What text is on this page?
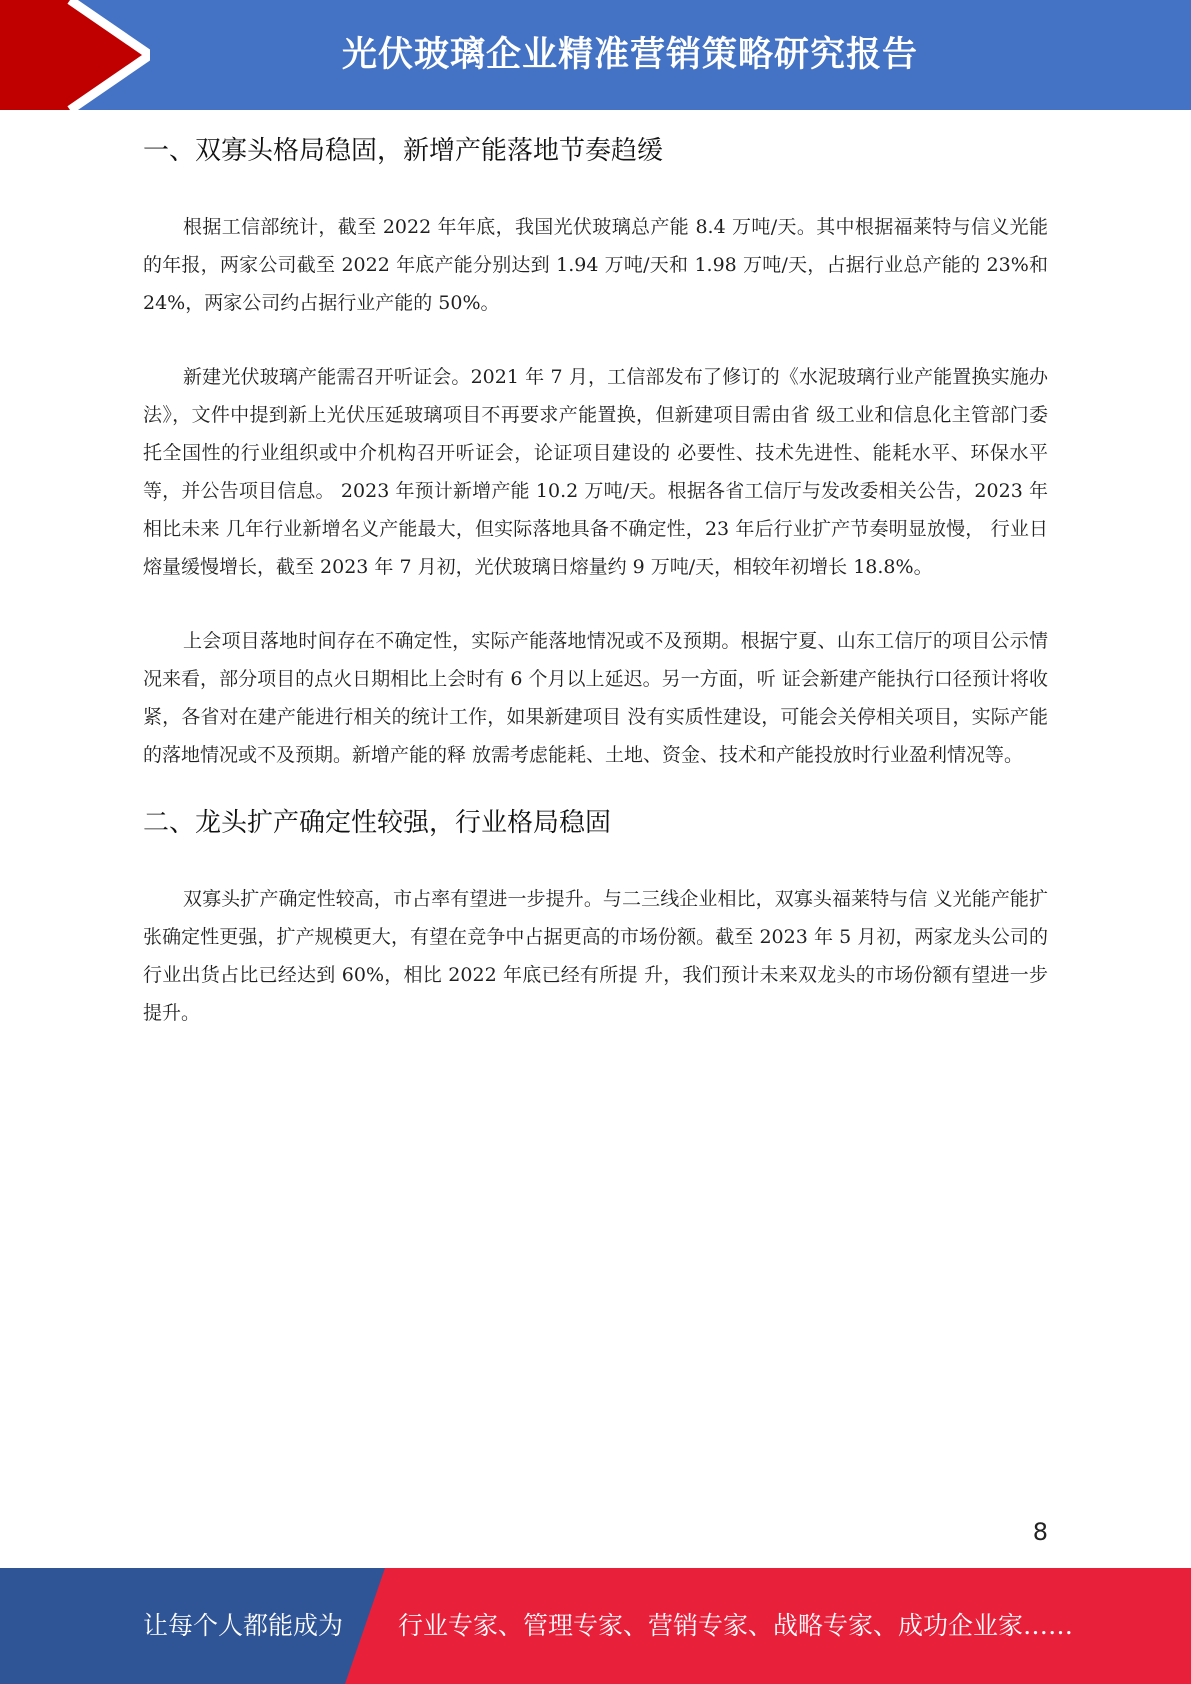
光伏玻璃企业精准营销策略研究报告
一、双寡头格局稳固，新增产能落地节奏趋缓

根据工信部统计，截至 2022 年年底，我国光伏玻璃总产能 8.4 万吨/天。其中根据福莱特与信义光能的年报，两家公司截至 2022 年底产能分别达到 1.94 万吨/天和 1.98 万吨/天，占据行业总产能的 23%和 24%，两家公司约占据行业产能的 50%。

新建光伏玻璃产能需召开听证会。2021 年 7 月，工信部发布了修订的《水泥玻璃行业产能置换实施办法》，文件中提到新上光伏压延玻璃项目不再要求产能置换，但新建项目需由省 级工业和信息化主管部门委托全国性的行业组织或中介机构召开听证会，论证项目建设的 必要性、技术先进性、能耗水平、环保水平等，并公告项目信息。 2023 年预计新增产能 10.2 万吨/天。根据各省工信厅与发改委相关公告，2023 年相比未来 几年行业新增名义产能最大，但实际落地具备不确定性，23 年后行业扩产节奏明显放慢， 行业日熔量缓慢增长，截至 2023 年 7 月初，光伏玻璃日熔量约 9 万吨/天，相较年初增长 18.8%。

上会项目落地时间存在不确定性，实际产能落地情况或不及预期。根据宁夏、山东工信厅的项目公示情况来看，部分项目的点火日期相比上会时有 6 个月以上延迟。另一方面，听 证会新建产能执行口径预计将收紧，各省对在建产能进行相关的统计工作，如果新建项目 没有实质性建设，可能会关停相关项目，实际产能的落地情况或不及预期。新增产能的释 放需考虑能耗、土地、资金、技术和产能投放时行业盈利情况等。

二、龙头扩产确定性较强，行业格局稳固

双寡头扩产确定性较高，市占率有望进一步提升。与二三线企业相比，双寡头福莱特与信 义光能产能扩张确定性更强，扩产规模更大，有望在竞争中占据更高的市场份额。截至 2023 年 5 月初，两家龙头公司的行业出货占比已经达到 60%，相比 2022 年底已经有所提 升，我们预计未来双龙头的市场份额有望进一步提升。

8
让每个人都能成为 行业专家、管理专家、营销专家、战略专家、成功企业家……
